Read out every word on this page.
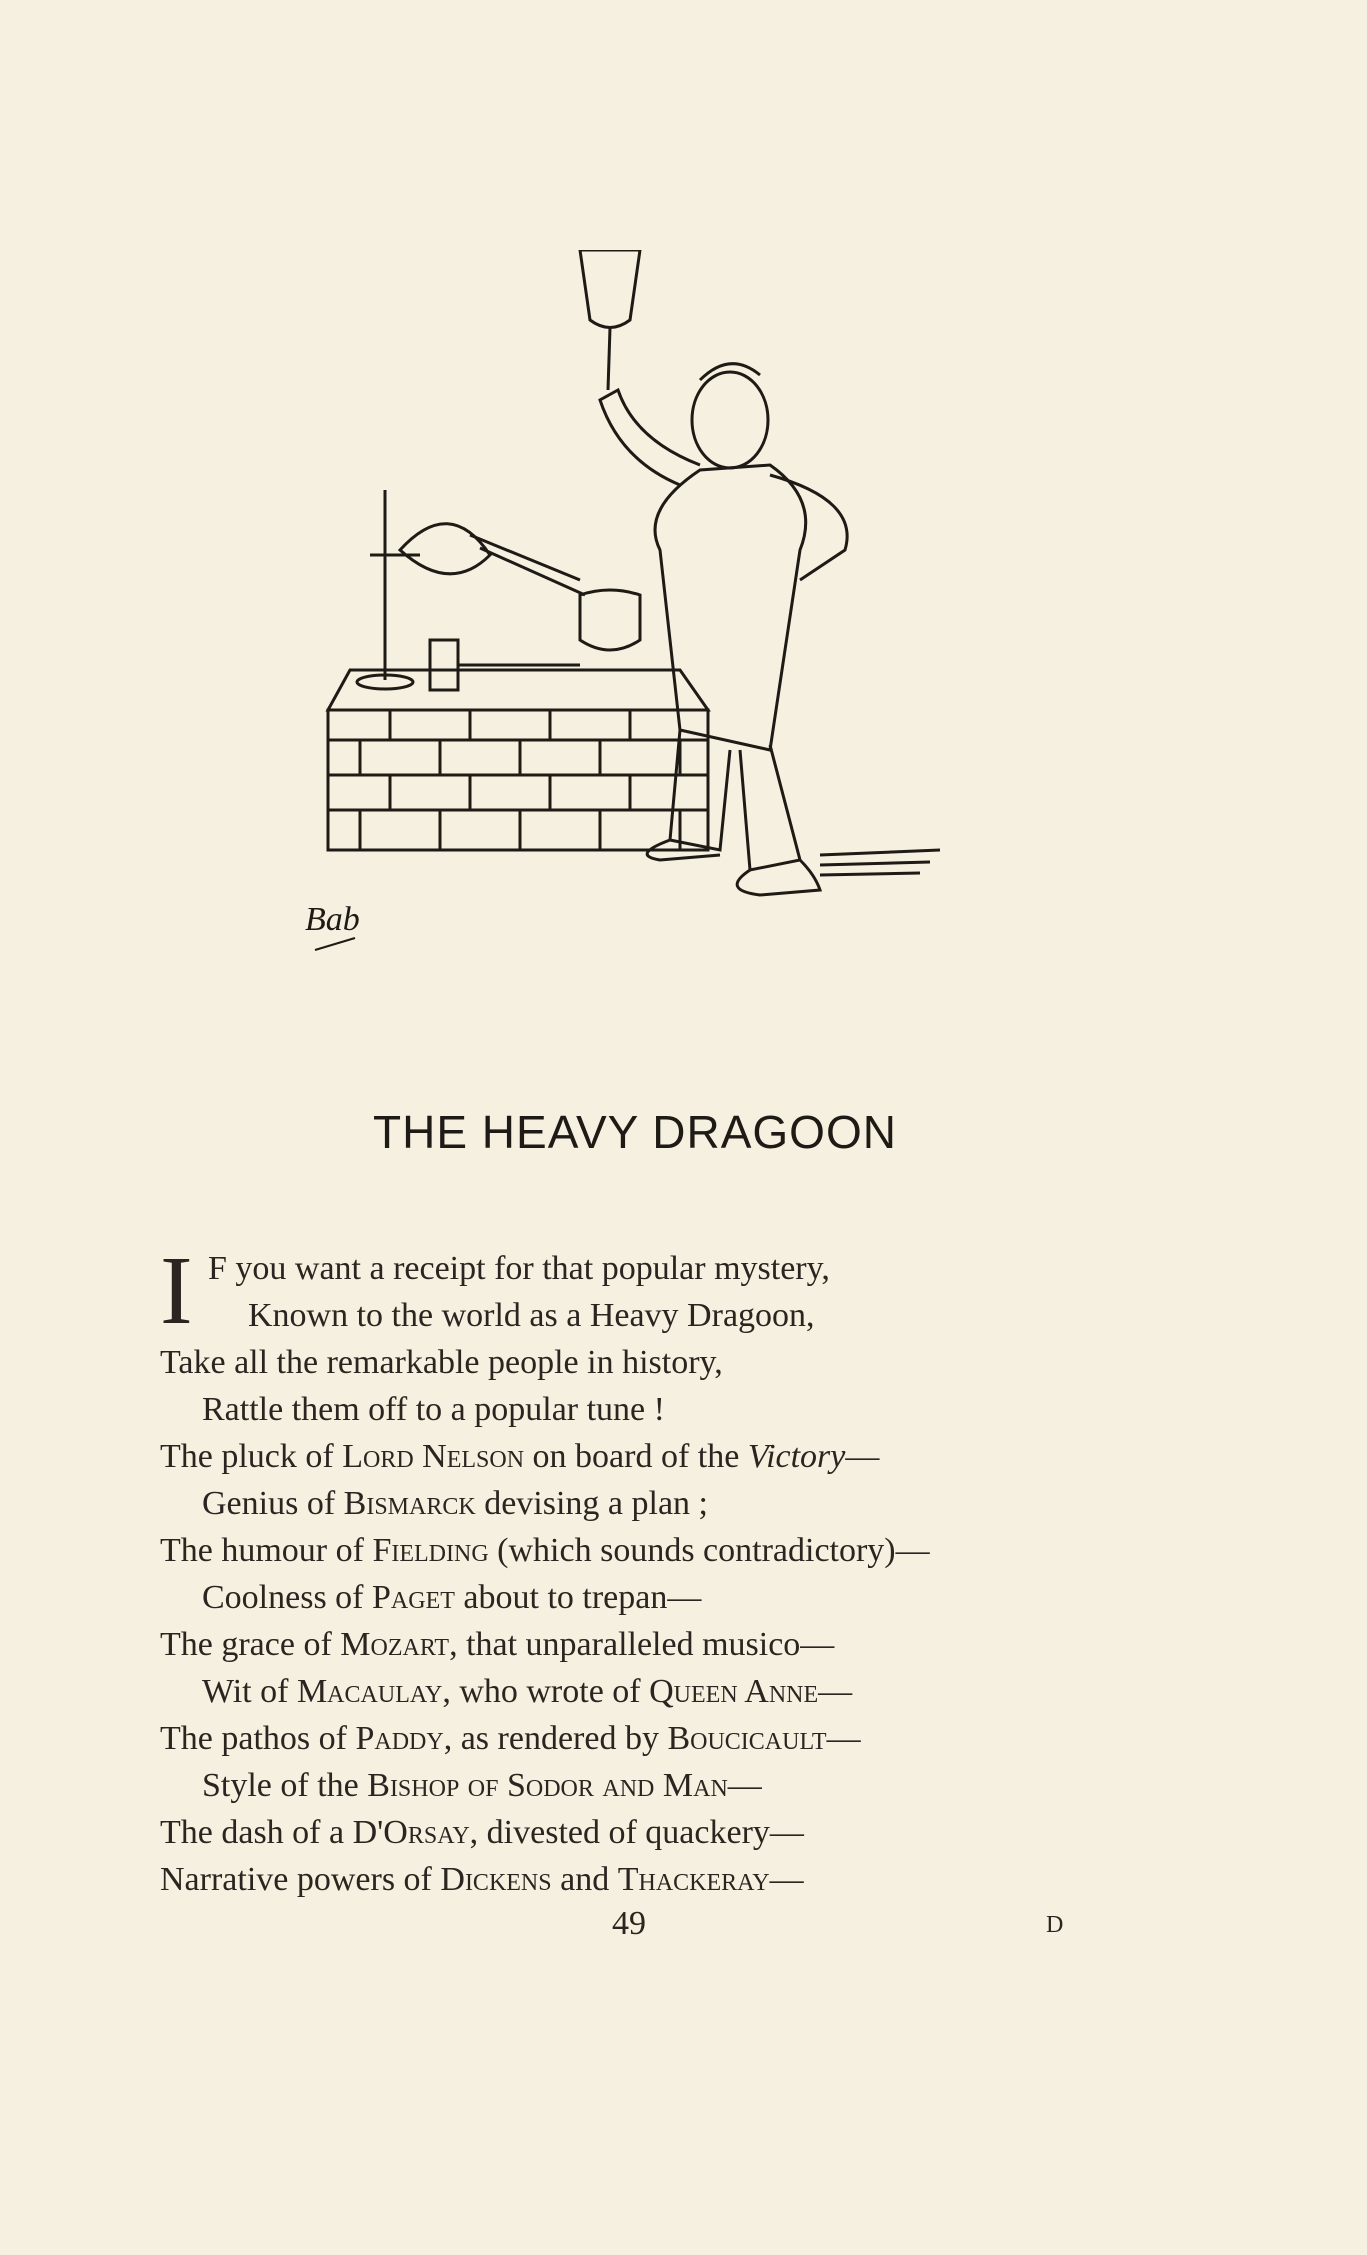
Bab
THE HEAVY DRAGOON
I F you want a receipt for that popular mystery,
Known to the world as a Heavy Dragoon,
Take all the remarkable people in history,
Rattle them off to a popular tune !
The pluck of Lord Nelson on board of the Victory—
Genius of Bismarck devising a plan ;
The humour of Fielding (which sounds contradictory)—
Coolness of Paget about to trepan—
The grace of Mozart, that unparalleled musico—
Wit of Macaulay, who wrote of Queen Anne—
The pathos of Paddy, as rendered by Boucicault—
Style of the Bishop of Sodor and Man—
The dash of a D'Orsay, divested of quackery—
Narrative powers of Dickens and Thackeray—
49	D
